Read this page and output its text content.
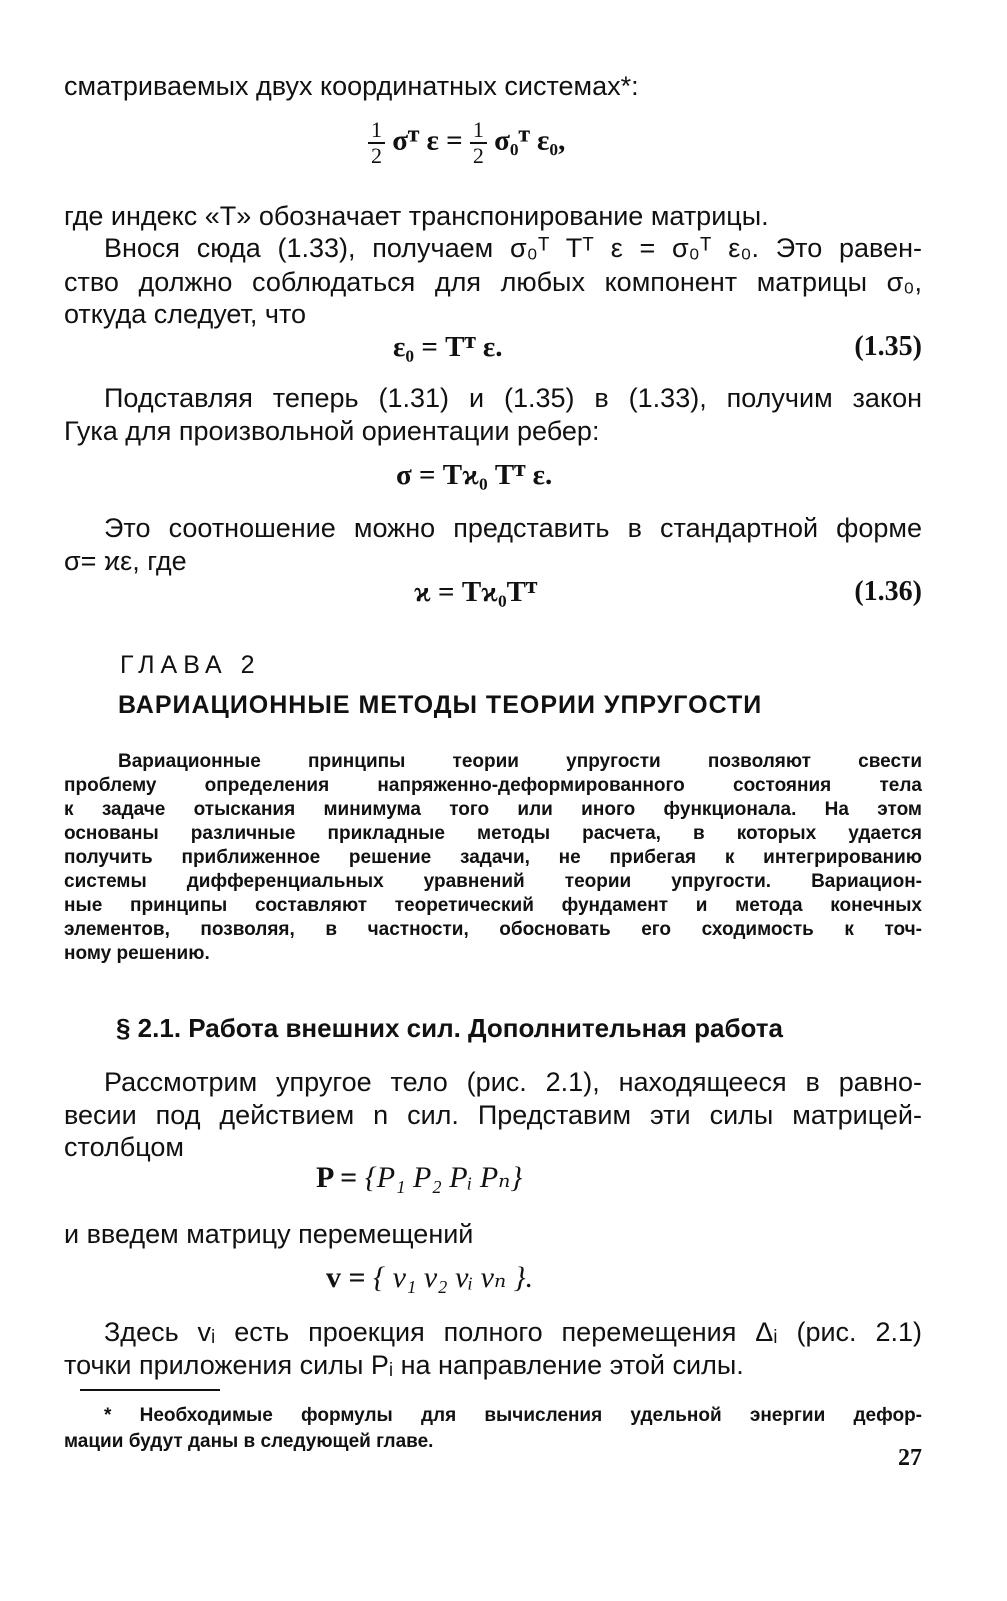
сматриваемых двух координатных системах*:
$\frac{1}{2}$ σᵀ $\varepsilon = \frac{1}{2}$ σ₀ᵀ ε₀,
где индекс «T» обозначает транспонирование матрицы.
Внося сюда (1.33), получаем σ₀ᵀ Tᵀ ε = σ₀ᵀ ε₀. Это равен-
ство должно соблюдаться для любых компонент матрицы σ₀,
откуда следует, что
ε₀ = Tᵀ ε.	(1.35)
Подставляя теперь (1.31) и (1.35) в (1.33), получим закон
Гука для произвольной ориентации ребер:
σ = Tϰ₀ Tᵀ ε.
Это соотношение можно представить в стандартной форме
σ= ϰε, где
ϰ = Tϰ₀Tᵀ	(1.36)
ГЛАВА 2
ВАРИАЦИОННЫЕ МЕТОДЫ ТЕОРИИ УПРУГОСТИ
Вариационные принципы теории упругости позволяют свести
проблему определения напряженно-деформированного состояния тела
к задаче отыскания минимума того или иного функционала. На этом
основаны различные прикладные методы расчета, в которых удается
получить приближенное решение задачи, не прибегая к интегрированию
системы дифференциальных уравнений теории упругости. Вариацион-
ные принципы составляют теоретический фундамент и метода конечных
элементов, позволяя, в частности, обосновать его сходимость к точ-
ному решению.
§ 2.1. Работа внешних сил. Дополнительная работа
Рассмотрим упругое тело (рис. 2.1), находящееся в равно-
весии под действием n сил. Представим эти силы матрицей-
столбцом
P = {P₁ P₂ Pᵢ Pₙ}
и введем матрицу перемещений
v = { v₁ v₂ vᵢ vₙ }.
Здесь vᵢ есть проекция полного перемещения Δᵢ (рис. 2.1)
точки приложения силы Pᵢ на направление этой силы.
* Необходимые формулы для вычисления удельной энергии дефор-
мации будут даны в следующей главе.
27
